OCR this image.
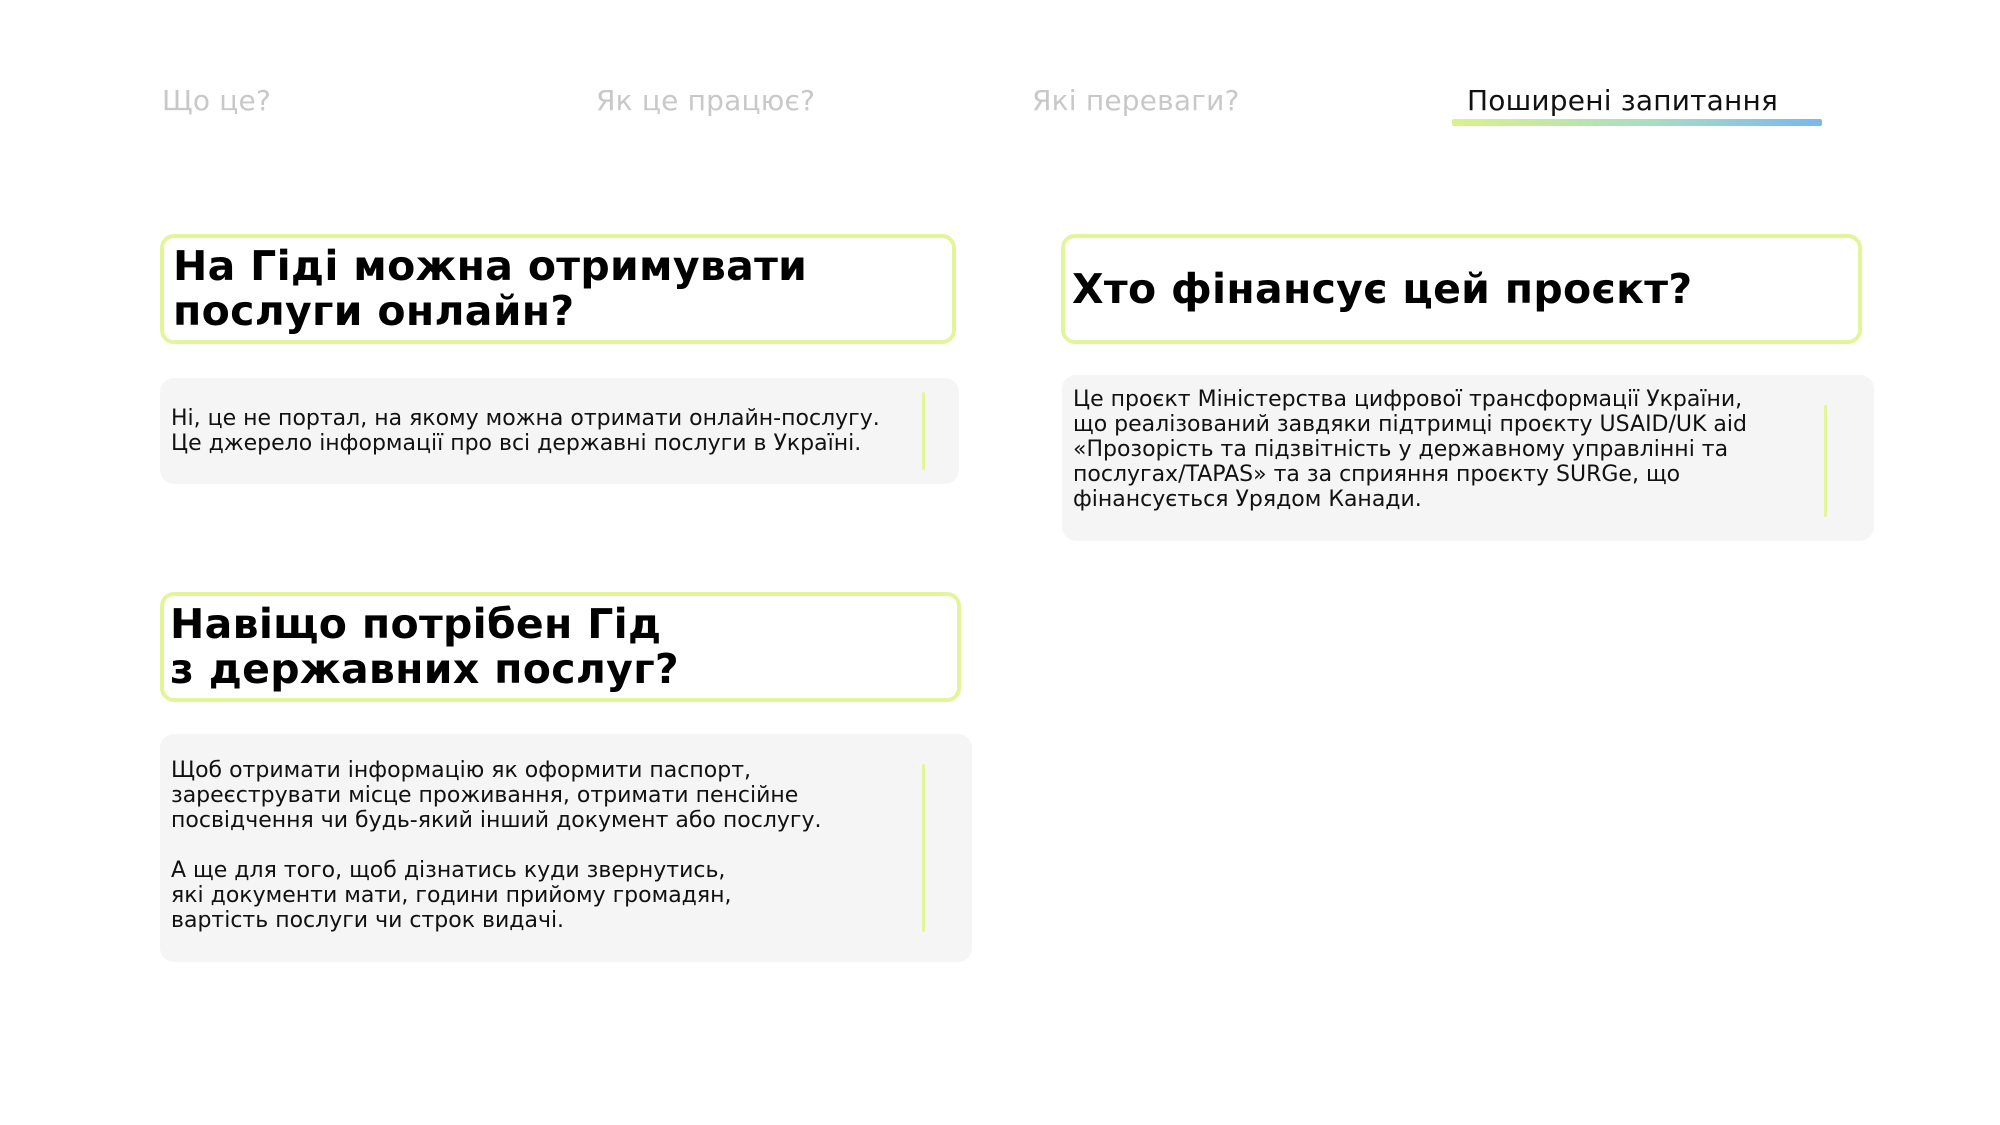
Що це?	Як це працює?	Які переваги?	Поширені запитання
На Гіді можна отримувати
послуги онлайн?
Ні, це не портал, на якому можна отримати онлайн-послугу.
Це джерело інформації про всі державні послуги в Україні.
Хто фінансує цей проєкт?
Це проєкт Міністерства цифрової трансформації України,
що реалізований завдяки підтримці проєкту USAID/UK aid
«Прозорість та підзвітність у державному управлінні та
послугах/TAPAS» та за сприяння проєкту SURGe, що
фінансується Урядом Канади.
Навіщо потрібен Гід
з державних послуг?
Щоб отримати інформацію як оформити паспорт,
зареєструвати місце проживання, отримати пенсійне
посвідчення чи будь-який інший документ або послугу.

А ще для того, щоб дізнатись куди звернутись,
які документи мати, години прийому громадян,
вартість послуги чи строк видачі.
